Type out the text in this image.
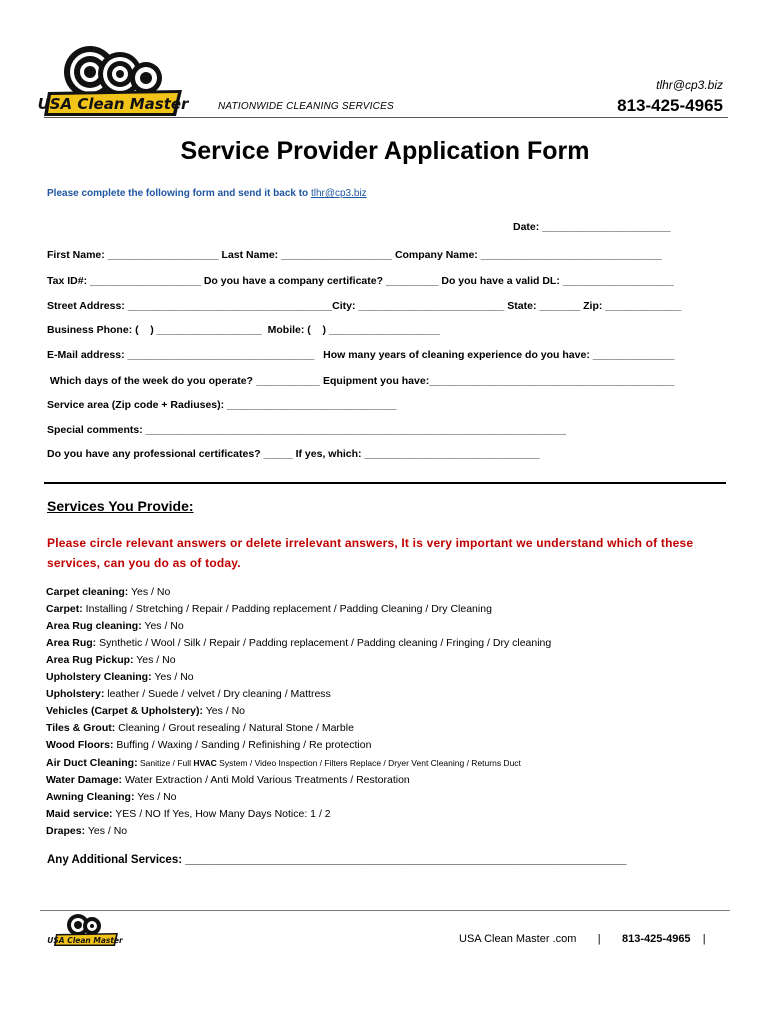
USA Clean Master	NATIONWIDE CLEANING SERVICES
tlhr@cp3.biz
813-425-4965
Service Provider Application Form
Please complete the following form and send it back to tlhr@cp3.biz
Date: ______________________
First Name: ___________________ Last Name: ___________________ Company Name: _______________________________
Tax ID#: ___________________ Do you have a company certificate? _________ Do you have a valid DL: ___________________
Street Address: ___________________________________City: _________________________ State: _______ Zip: _____________
Business Phone: (    ) __________________  Mobile: (    ) ___________________
E-Mail address: ________________________________   How many years of cleaning experience do you have: ______________
Which days of the week do you operate? ___________ Equipment you have:__________________________________________
Service area (Zip code + Radiuses): _____________________________
Special comments: ________________________________________________________________________
Do you have any professional certificates? _____ If yes, which: ______________________________
Services You Provide:
Please circle relevant answers or delete irrelevant answers, It is very important we understand which of these services, can you do as of today.
Carpet cleaning: Yes / No
Carpet: Installing / Stretching / Repair / Padding replacement / Padding Cleaning / Dry Cleaning
Area Rug cleaning: Yes / No
Area Rug: Synthetic / Wool / Silk / Repair / Padding replacement / Padding cleaning / Fringing / Dry cleaning
Area Rug Pickup: Yes / No
Upholstery Cleaning: Yes / No
Upholstery: leather / Suede / velvet / Dry cleaning / Mattress
Vehicles (Carpet & Upholstery): Yes / No
Tiles & Grout: Cleaning / Grout resealing / Natural Stone / Marble
Wood Floors: Buffing / Waxing / Sanding / Refinishing / Re protection
Air Duct Cleaning: Sanitize / Full HVAC System / Video Inspection / Filters Replace / Dryer Vent Cleaning / Returns Duct
Water Damage: Water Extraction / Anti Mold Various Treatments / Restoration
Awning Cleaning: Yes / No
Maid service: YES / NO If Yes, How Many Days Notice: 1 / 2
Drapes: Yes / No
Any Additional Services: _____________________________________________________________________
USA Clean Master	USA Clean Master .com | 813-425-4965 |
